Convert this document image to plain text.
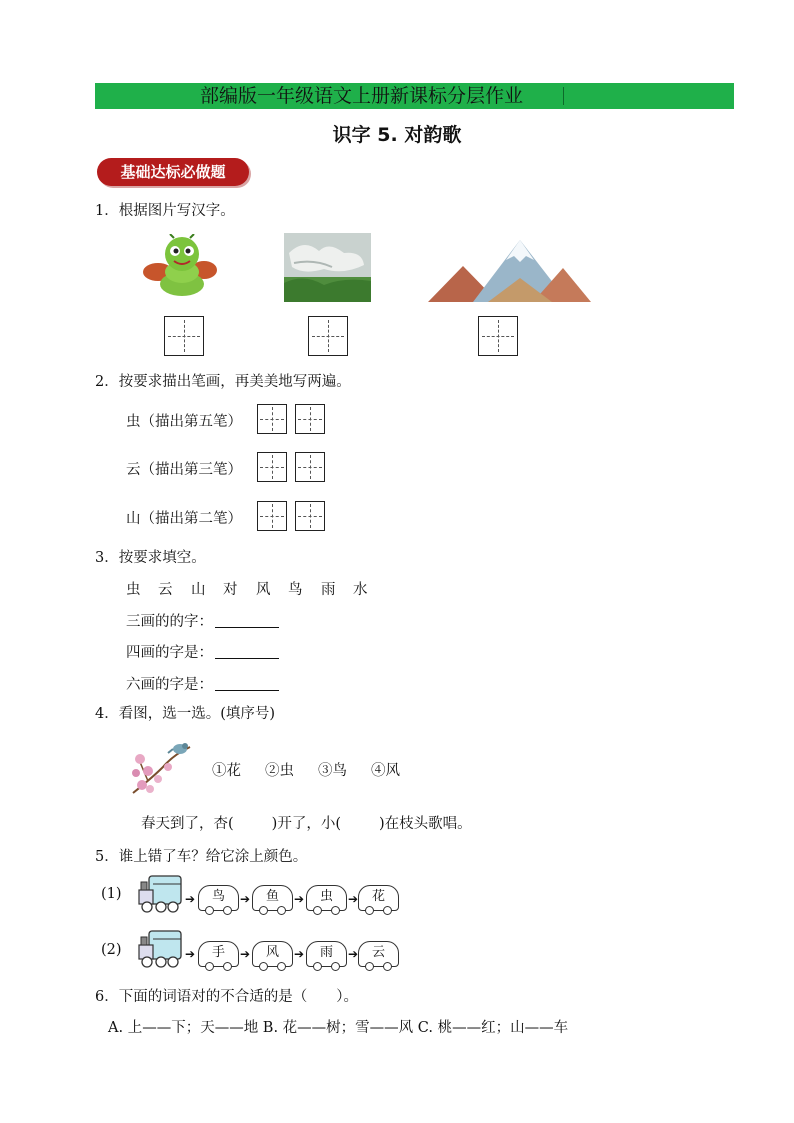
部编版一年级语文上册新课标分层作业
识字 5. 对韵歌
基础达标必做题
1．根据图片写汉字。
2．按要求描出笔画，再美美地写两遍。
虫（描出第五笔）
云（描出第三笔）
山（描出第二笔）
3．按要求填空。
虫 云 山 对 风 鸟 雨 水
三画的的字：
四画的字是：
六画的字是：
4．看图，选一选。(填序号)
①花 ②虫 ③鸟 ④风
春天到了，杏(	)开了，小(	)在枝头歌唱。
5．谁上错了车？给它涂上颜色。
(1)	➔	鸟	➔	鱼	➔	虫	➔	花
(2)	➔	手	➔	风	➔	雨	➔	云
6．下面的词语对的不合适的是（　　）。
A. 上——下；天——地 B. 花——树；雪——风 C. 桃——红；山——车
